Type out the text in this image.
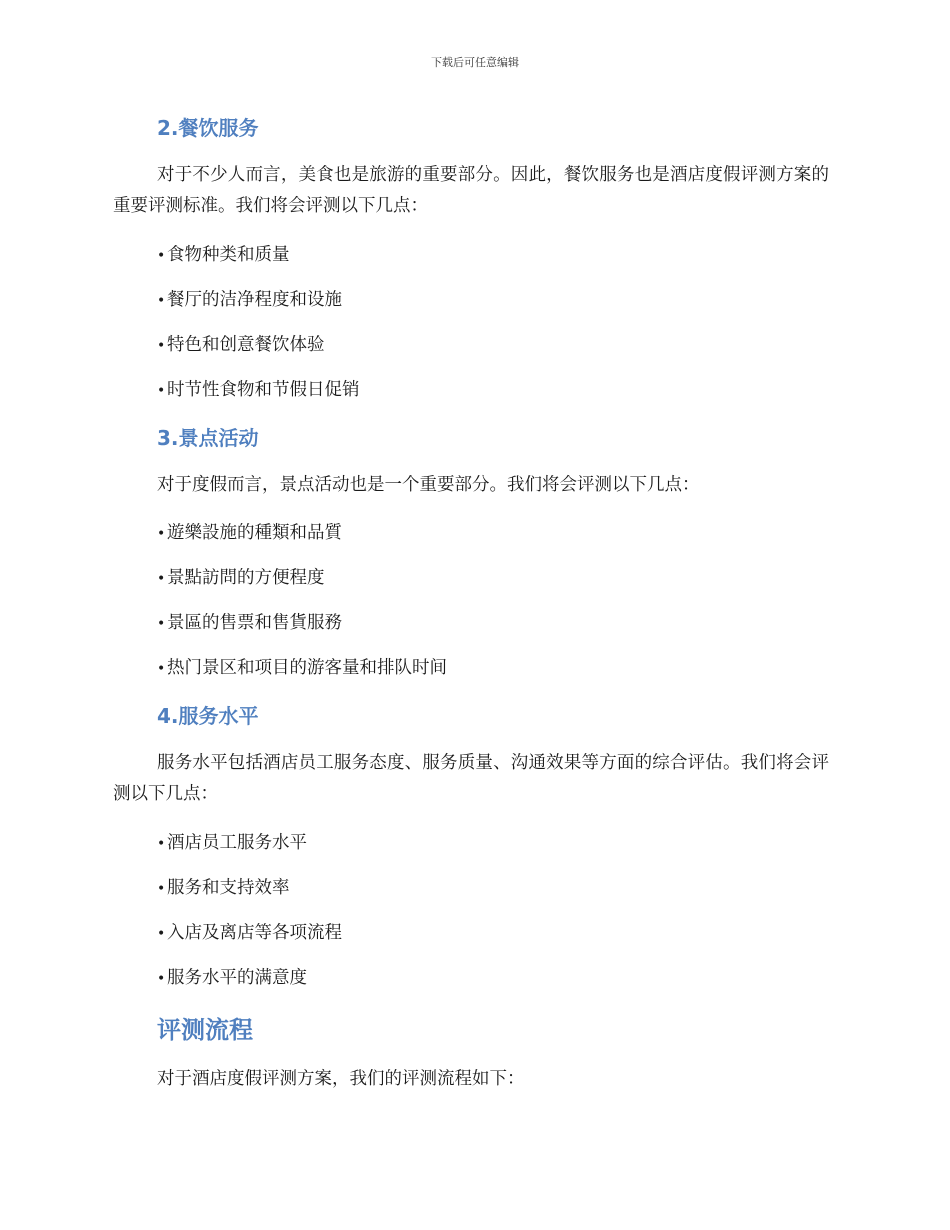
下载后可任意编辑
2.餐饮服务
对于不少人而言，美食也是旅游的重要部分。因此，餐饮服务也是酒店度假评测方案的重要评测标准。我们将会评测以下几点：
•食物种类和质量
•餐厅的洁净程度和设施
•特色和创意餐饮体验
•时节性食物和节假日促销
3.景点活动
对于度假而言，景点活动也是一个重要部分。我们将会评测以下几点：
•遊樂設施的種類和品質
•景點訪問的方便程度
•景區的售票和售貨服務
•热门景区和项目的游客量和排队时间
4.服务水平
服务水平包括酒店员工服务态度、服务质量、沟通效果等方面的综合评估。我们将会评测以下几点：
•酒店员工服务水平
•服务和支持效率
•入店及离店等各项流程
•服务水平的满意度
评测流程
对于酒店度假评测方案，我们的评测流程如下：
